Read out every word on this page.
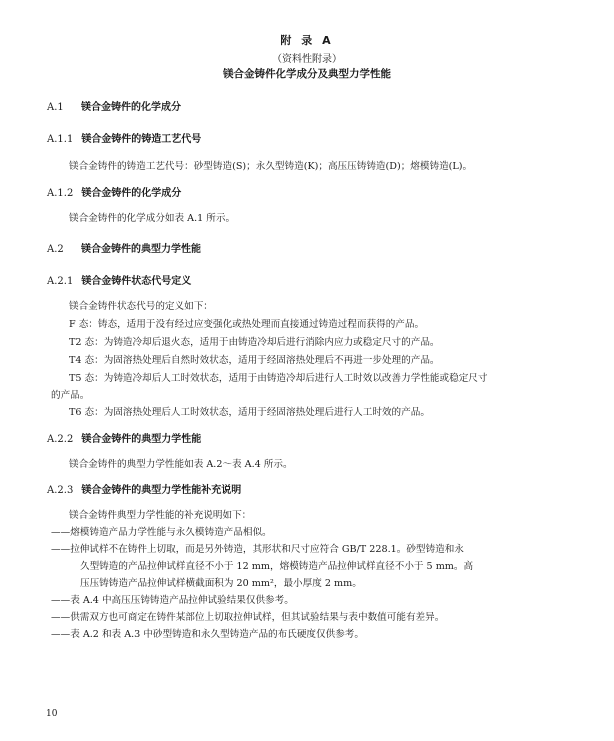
附 录 A
（资料性附录）
镁合金铸件化学成分及典型力学性能
A.1 镁合金铸件的化学成分
A.1.1 镁合金铸件的铸造工艺代号
镁合金铸件的铸造工艺代号：砂型铸造(S)；永久型铸造(K)；高压压铸铸造(D)；熔模铸造(L)。
A.1.2 镁合金铸件的化学成分
镁合金铸件的化学成分如表 A.1 所示。
A.2 镁合金铸件的典型力学性能
A.2.1 镁合金铸件状态代号定义
镁合金铸件状态代号的定义如下：
F 态：铸态，适用于没有经过应变强化或热处理而直接通过铸造过程而获得的产品。
T2 态：为铸造冷却后退火态，适用于由铸造冷却后进行消除内应力或稳定尺寸的产品。
T4 态：为固溶热处理后自然时效状态，适用于经固溶热处理后不再进一步处理的产品。
T5 态：为铸造冷却后人工时效状态，适用于由铸造冷却后进行人工时效以改善力学性能或稳定尺寸
的产品。
T6 态：为固溶热处理后人工时效状态，适用于经固溶热处理后进行人工时效的产品。
A.2.2 镁合金铸件的典型力学性能
镁合金铸件的典型力学性能如表 A.2～表 A.4 所示。
A.2.3 镁合金铸件的典型力学性能补充说明
镁合金铸件典型力学性能的补充说明如下：
——熔模铸造产品力学性能与永久模铸造产品相似。
——拉伸试样不在铸件上切取，而是另外铸造，其形状和尺寸应符合 GB/T 228.1。砂型铸造和永
久型铸造的产品拉伸试样直径不小于 12 mm，熔模铸造产品拉伸试样直径不小于 5 mm。高
压压铸铸造产品拉伸试样横截面积为 20 mm²，最小厚度 2 mm。
——表 A.4 中高压压铸铸造产品拉伸试验结果仅供参考。
——供需双方也可商定在铸件某部位上切取拉伸试样，但其试验结果与表中数值可能有差异。
——表 A.2 和表 A.3 中砂型铸造和永久型铸造产品的布氏硬度仅供参考。
10
